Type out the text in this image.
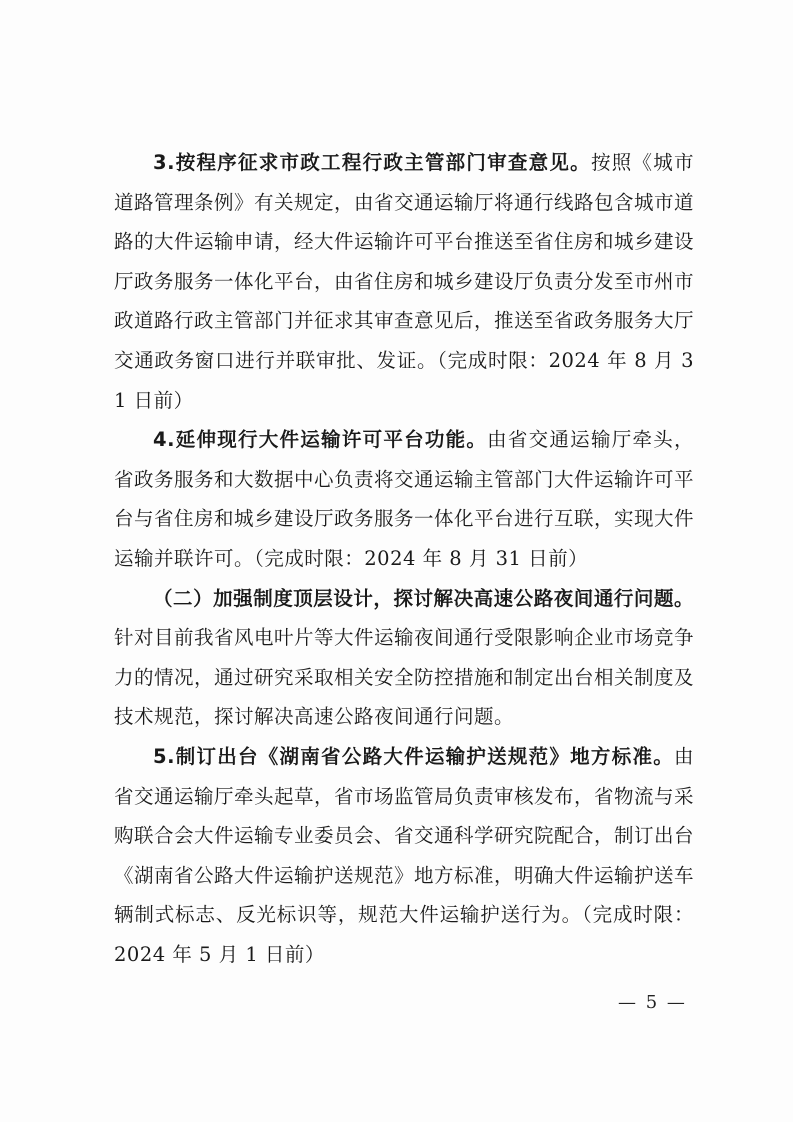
3.按程序征求市政工程行政主管部门审查意见。按照《城市道路管理条例》有关规定，由省交通运输厅将通行线路包含城市道路的大件运输申请，经大件运输许可平台推送至省住房和城乡建设厅政务服务一体化平台，由省住房和城乡建设厅负责分发至市州市政道路行政主管部门并征求其审查意见后，推送至省政务服务大厅交通政务窗口进行并联审批、发证。（完成时限：2024 年 8 月 31 日前）

4.延伸现行大件运输许可平台功能。由省交通运输厅牵头，省政务服务和大数据中心负责将交通运输主管部门大件运输许可平台与省住房和城乡建设厅政务服务一体化平台进行互联，实现大件运输并联许可。（完成时限：2024 年 8 月 31 日前）

（二）加强制度顶层设计，探讨解决高速公路夜间通行问题。针对目前我省风电叶片等大件运输夜间通行受限影响企业市场竞争力的情况，通过研究采取相关安全防控措施和制定出台相关制度及技术规范，探讨解决高速公路夜间通行问题。

5.制订出台《湖南省公路大件运输护送规范》地方标准。由省交通运输厅牵头起草，省市场监管局负责审核发布，省物流与采购联合会大件运输专业委员会、省交通科学研究院配合，制订出台《湖南省公路大件运输护送规范》地方标准，明确大件运输护送车辆制式标志、反光标识等，规范大件运输护送行为。（完成时限：2024 年 5 月 1 日前）

— 5 —
